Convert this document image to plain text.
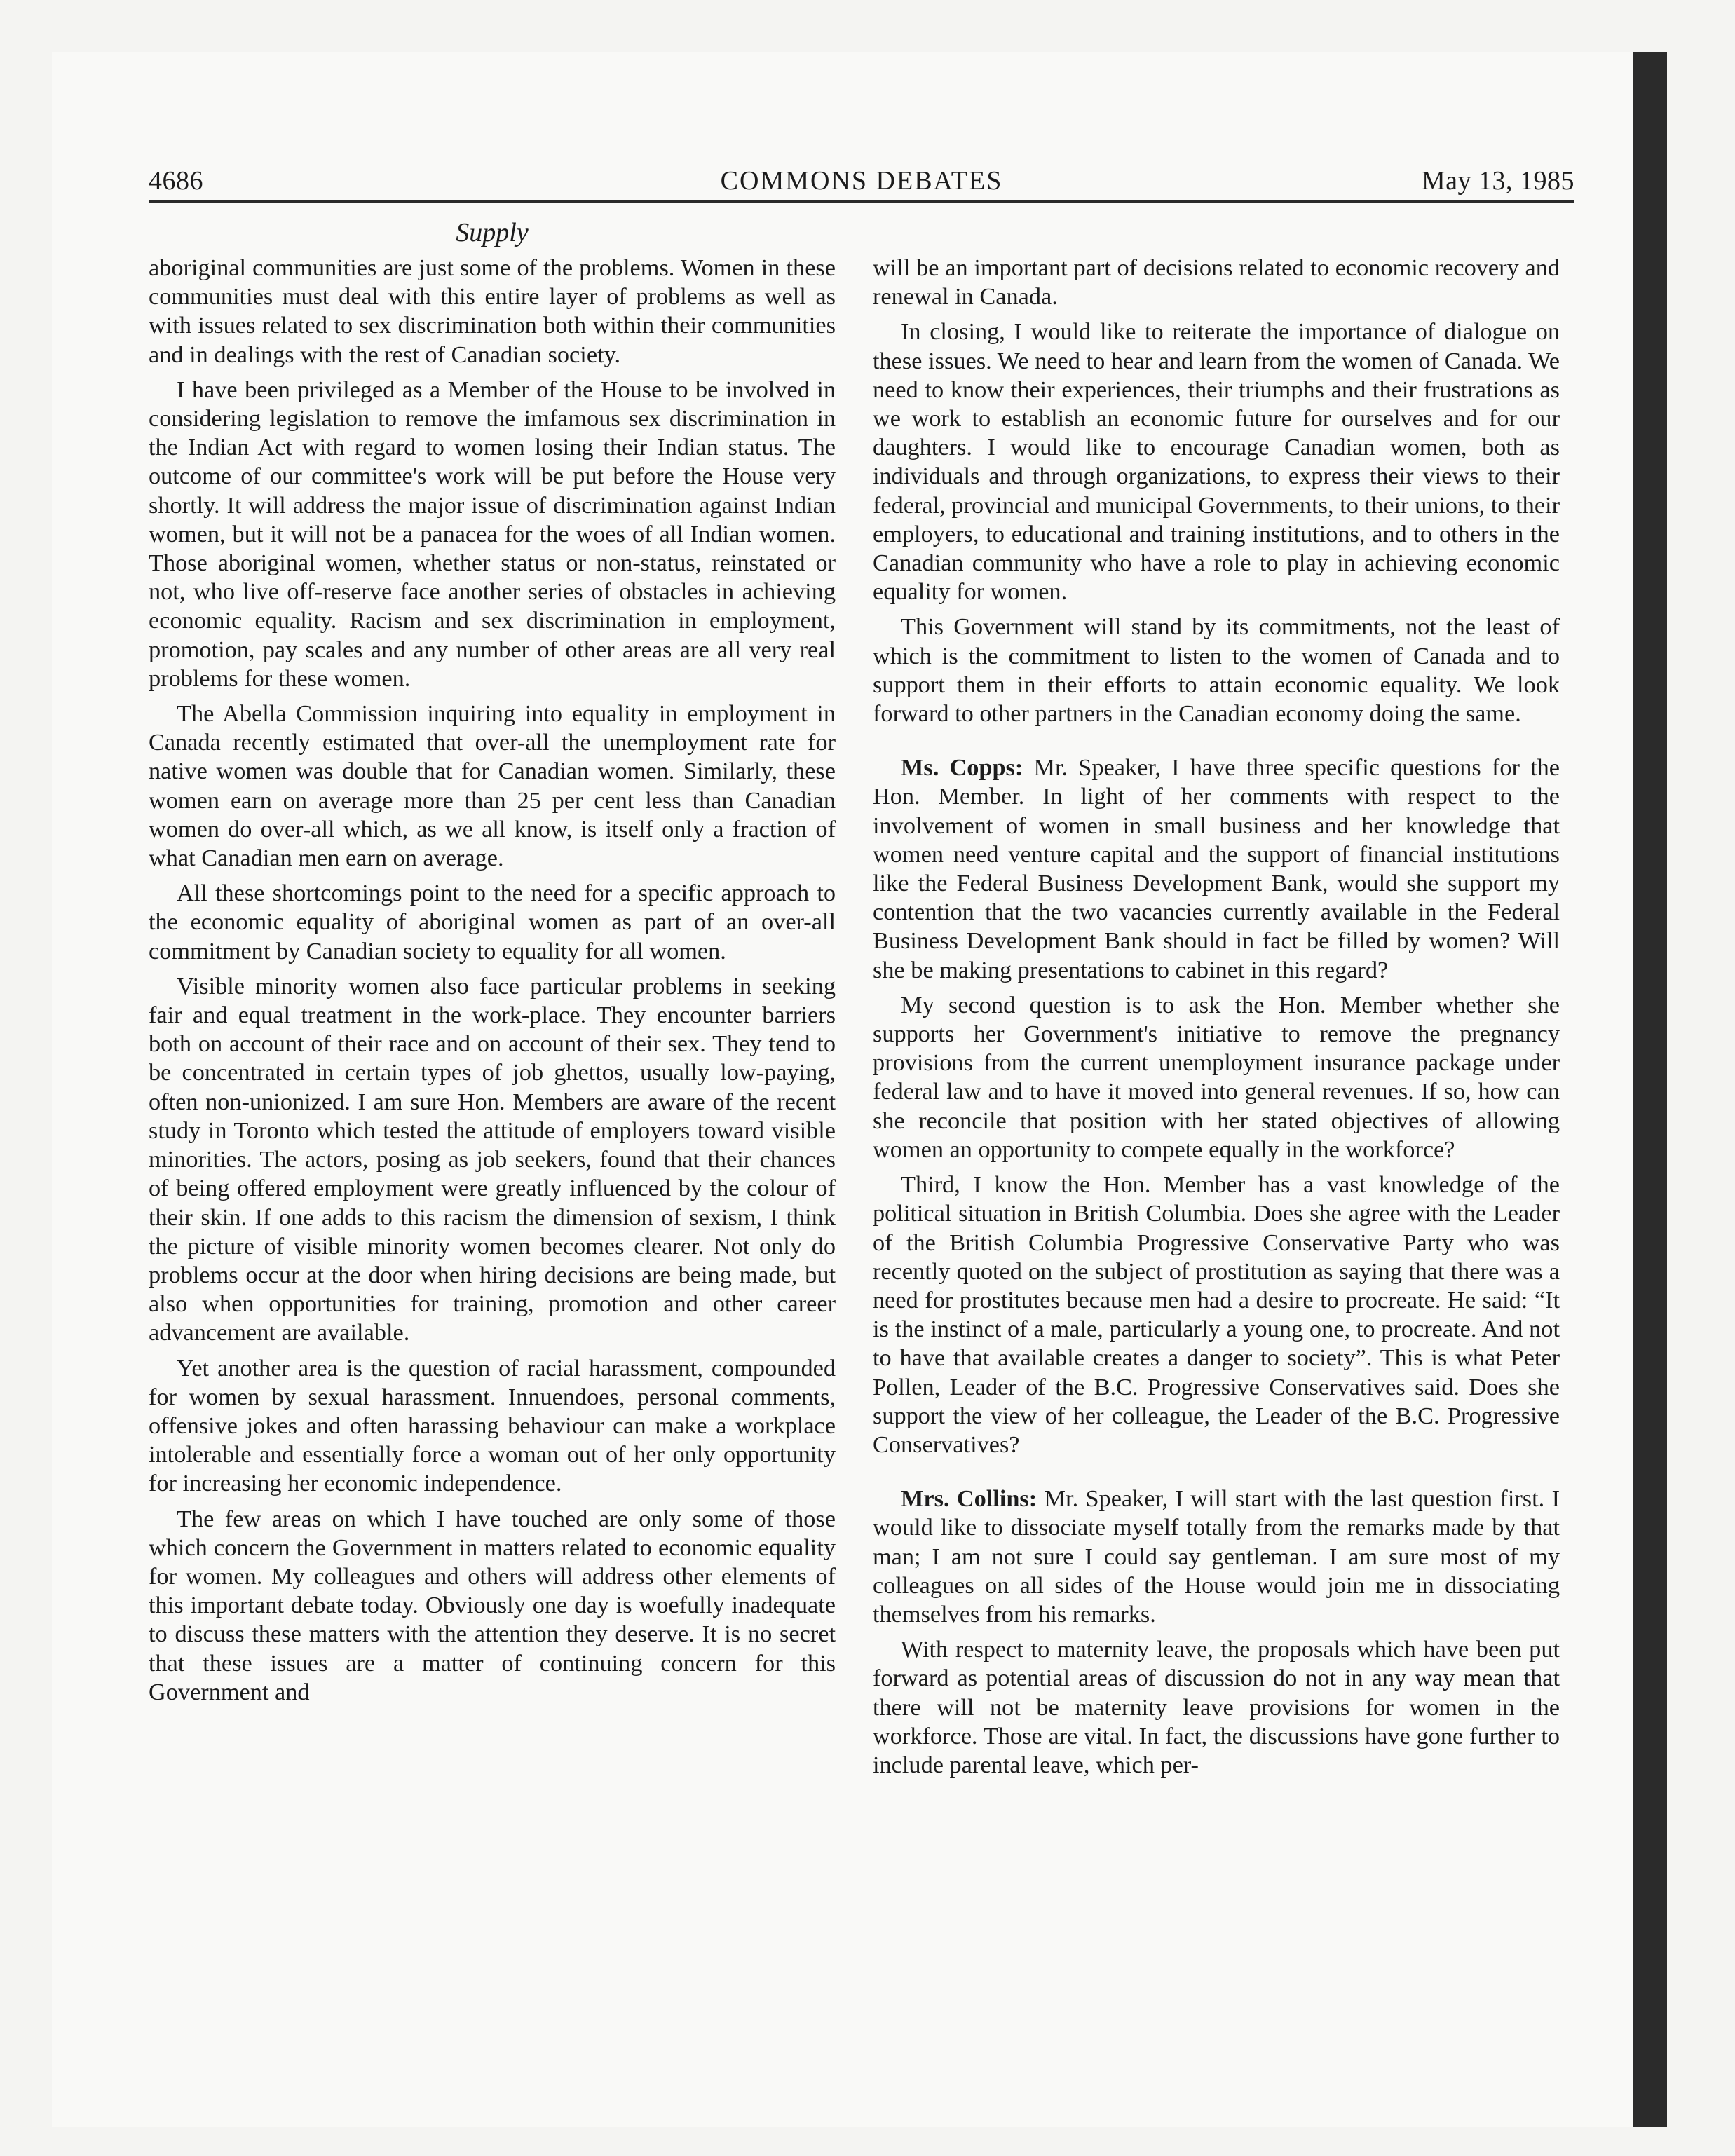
4686	COMMONS DEBATES	May 13, 1985
Supply

aboriginal communities are just some of the problems. Women in these communities must deal with this entire layer of problems as well as with issues related to sex discrimination both within their communities and in dealings with the rest of Canadian society.

I have been privileged as a Member of the House to be involved in considering legislation to remove the imfamous sex discrimination in the Indian Act with regard to women losing their Indian status. The outcome of our committee's work will be put before the House very shortly. It will address the major issue of discrimination against Indian women, but it will not be a panacea for the woes of all Indian women. Those aboriginal women, whether status or non-status, reinstated or not, who live off-reserve face another series of obstacles in achieving economic equality. Racism and sex discrimination in employment, promotion, pay scales and any number of other areas are all very real problems for these women.

The Abella Commission inquiring into equality in employment in Canada recently estimated that over-all the unemployment rate for native women was double that for Canadian women. Similarly, these women earn on average more than 25 per cent less than Canadian women do over-all which, as we all know, is itself only a fraction of what Canadian men earn on average.

All these shortcomings point to the need for a specific approach to the economic equality of aboriginal women as part of an over-all commitment by Canadian society to equality for all women.

Visible minority women also face particular problems in seeking fair and equal treatment in the work-place. They encounter barriers both on account of their race and on account of their sex. They tend to be concentrated in certain types of job ghettos, usually low-paying, often non-unionized. I am sure Hon. Members are aware of the recent study in Toronto which tested the attitude of employers toward visible minorities. The actors, posing as job seekers, found that their chances of being offered employment were greatly influenced by the colour of their skin. If one adds to this racism the dimension of sexism, I think the picture of visible minority women becomes clearer. Not only do problems occur at the door when hiring decisions are being made, but also when opportunities for training, promotion and other career advancement are available.

Yet another area is the question of racial harassment, compounded for women by sexual harassment. Innuendoes, personal comments, offensive jokes and often harassing behaviour can make a workplace intolerable and essentially force a woman out of her only opportunity for increasing her economic independence.

The few areas on which I have touched are only some of those which concern the Government in matters related to economic equality for women. My colleagues and others will address other elements of this important debate today. Obviously one day is woefully inadequate to discuss these matters with the attention they deserve. It is no secret that these issues are a matter of continuing concern for this Government and

will be an important part of decisions related to economic recovery and renewal in Canada.

In closing, I would like to reiterate the importance of dialogue on these issues. We need to hear and learn from the women of Canada. We need to know their experiences, their triumphs and their frustrations as we work to establish an economic future for ourselves and for our daughters. I would like to encourage Canadian women, both as individuals and through organizations, to express their views to their federal, provincial and municipal Governments, to their unions, to their employers, to educational and training institutions, and to others in the Canadian community who have a role to play in achieving economic equality for women.

This Government will stand by its commitments, not the least of which is the commitment to listen to the women of Canada and to support them in their efforts to attain economic equality. We look forward to other partners in the Canadian economy doing the same.

Ms. Copps: Mr. Speaker, I have three specific questions for the Hon. Member. In light of her comments with respect to the involvement of women in small business and her knowledge that women need venture capital and the support of financial institutions like the Federal Business Development Bank, would she support my contention that the two vacancies currently available in the Federal Business Development Bank should in fact be filled by women? Will she be making presentations to cabinet in this regard?

My second question is to ask the Hon. Member whether she supports her Government's initiative to remove the pregnancy provisions from the current unemployment insurance package under federal law and to have it moved into general revenues. If so, how can she reconcile that position with her stated objectives of allowing women an opportunity to compete equally in the workforce?

Third, I know the Hon. Member has a vast knowledge of the political situation in British Columbia. Does she agree with the Leader of the British Columbia Progressive Conservative Party who was recently quoted on the subject of prostitution as saying that there was a need for prostitutes because men had a desire to procreate. He said: “It is the instinct of a male, particularly a young one, to procreate. And not to have that available creates a danger to society”. This is what Peter Pollen, Leader of the B.C. Progressive Conservatives said. Does she support the view of her colleague, the Leader of the B.C. Progressive Conservatives?

Mrs. Collins: Mr. Speaker, I will start with the last question first. I would like to dissociate myself totally from the remarks made by that man; I am not sure I could say gentleman. I am sure most of my colleagues on all sides of the House would join me in dissociating themselves from his remarks.

With respect to maternity leave, the proposals which have been put forward as potential areas of discussion do not in any way mean that there will not be maternity leave provisions for women in the workforce. Those are vital. In fact, the discussions have gone further to include parental leave, which per-
